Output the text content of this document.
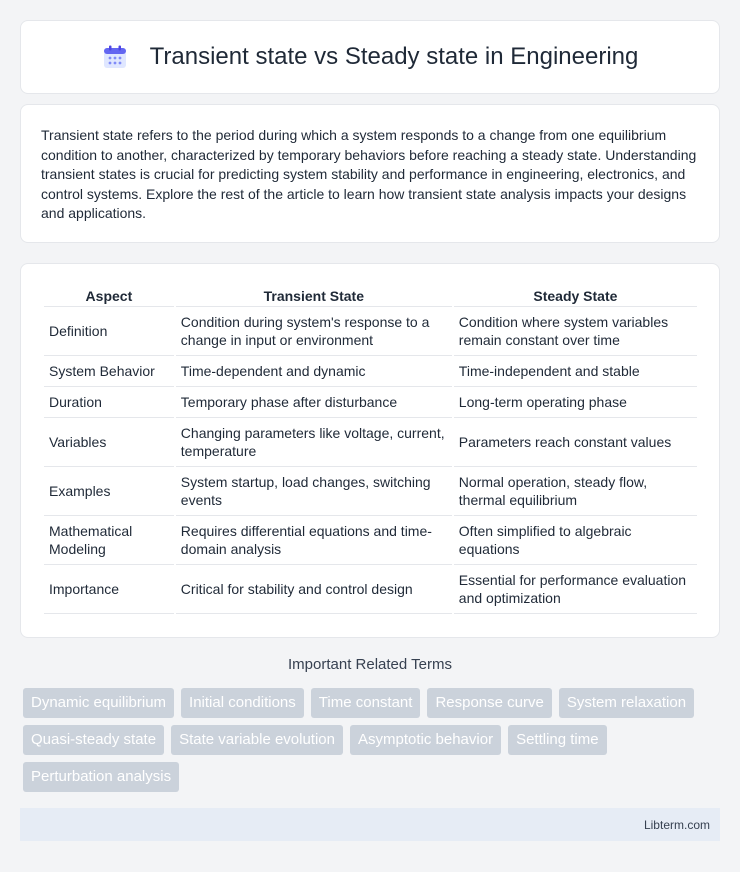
Transient state vs Steady state in Engineering

Transient state refers to the period during which a system responds to a change from one equilibrium condition to another, characterized by temporary behaviors before reaching a steady state. Understanding transient states is crucial for predicting system stability and performance in engineering, electronics, and control systems. Explore the rest of the article to learn how transient state analysis impacts your designs and applications.

Aspect	Transient State	Steady State
Definition	Condition during system's response to a change in input or environment	Condition where system variables remain constant over time
System Behavior	Time-dependent and dynamic	Time-independent and stable
Duration	Temporary phase after disturbance	Long-term operating phase
Variables	Changing parameters like voltage, current, temperature	Parameters reach constant values
Examples	System startup, load changes, switching events	Normal operation, steady flow, thermal equilibrium
Mathematical Modeling	Requires differential equations and time-domain analysis	Often simplified to algebraic equations
Importance	Critical for stability and control design	Essential for performance evaluation and optimization
Important Related Terms
Dynamic equilibrium	Initial conditions	Time constant	Response curve	System relaxation
Quasi-steady state	State variable evolution	Asymptotic behavior	Settling time
Perturbation analysis
Libterm.com
